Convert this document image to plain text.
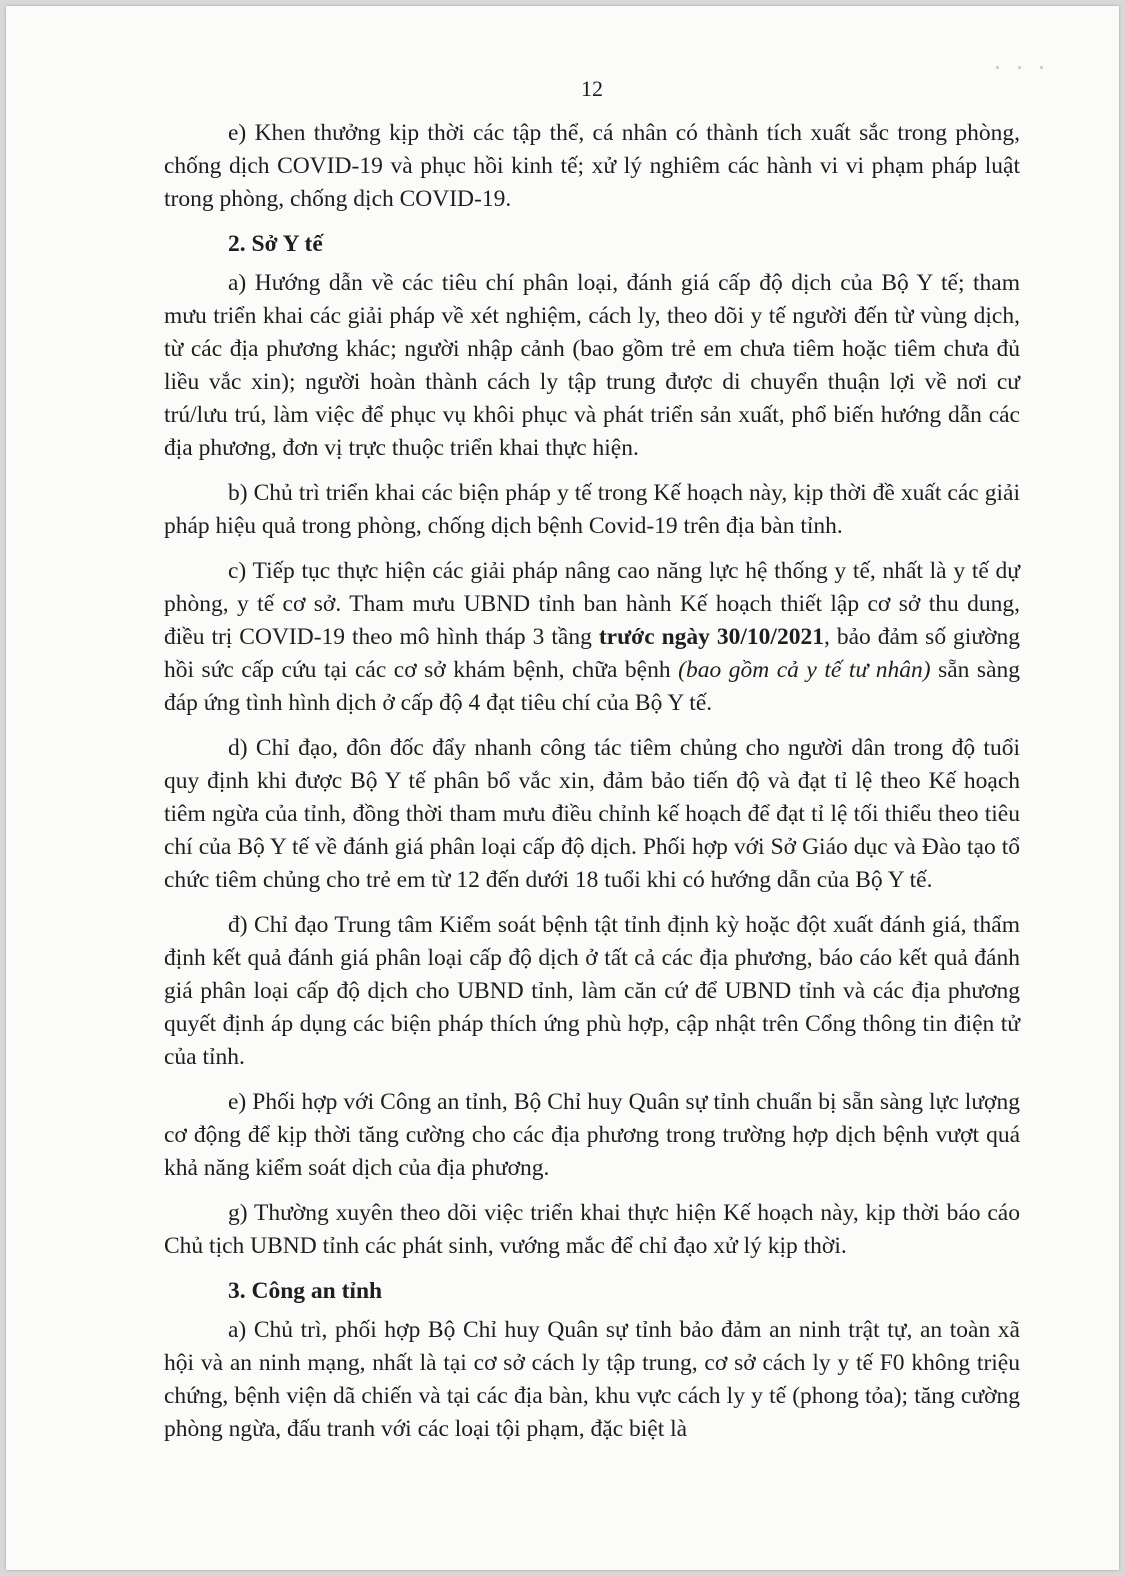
12

e) Khen thưởng kịp thời các tập thể, cá nhân có thành tích xuất sắc trong phòng, chống dịch COVID-19 và phục hồi kinh tế; xử lý nghiêm các hành vi vi phạm pháp luật trong phòng, chống dịch COVID-19.

2. Sở Y tế

a) Hướng dẫn về các tiêu chí phân loại, đánh giá cấp độ dịch của Bộ Y tế; tham mưu triển khai các giải pháp về xét nghiệm, cách ly, theo dõi y tế người đến từ vùng dịch, từ các địa phương khác; người nhập cảnh (bao gồm trẻ em chưa tiêm hoặc tiêm chưa đủ liều vắc xin); người hoàn thành cách ly tập trung được di chuyển thuận lợi về nơi cư trú/lưu trú, làm việc để phục vụ khôi phục và phát triển sản xuất, phổ biến hướng dẫn các địa phương, đơn vị trực thuộc triển khai thực hiện.

b) Chủ trì triển khai các biện pháp y tế trong Kế hoạch này, kịp thời đề xuất các giải pháp hiệu quả trong phòng, chống dịch bệnh Covid-19 trên địa bàn tỉnh.

c) Tiếp tục thực hiện các giải pháp nâng cao năng lực hệ thống y tế, nhất là y tế dự phòng, y tế cơ sở. Tham mưu UBND tỉnh ban hành Kế hoạch thiết lập cơ sở thu dung, điều trị COVID-19 theo mô hình tháp 3 tầng trước ngày 30/10/2021, bảo đảm số giường hồi sức cấp cứu tại các cơ sở khám bệnh, chữa bệnh (bao gồm cả y tế tư nhân) sẵn sàng đáp ứng tình hình dịch ở cấp độ 4 đạt tiêu chí của Bộ Y tế.

d) Chỉ đạo, đôn đốc đẩy nhanh công tác tiêm chủng cho người dân trong độ tuổi quy định khi được Bộ Y tế phân bổ vắc xin, đảm bảo tiến độ và đạt tỉ lệ theo Kế hoạch tiêm ngừa của tỉnh, đồng thời tham mưu điều chỉnh kế hoạch để đạt tỉ lệ tối thiểu theo tiêu chí của Bộ Y tế về đánh giá phân loại cấp độ dịch. Phối hợp với Sở Giáo dục và Đào tạo tổ chức tiêm chủng cho trẻ em từ 12 đến dưới 18 tuổi khi có hướng dẫn của Bộ Y tế.

đ) Chỉ đạo Trung tâm Kiểm soát bệnh tật tỉnh định kỳ hoặc đột xuất đánh giá, thẩm định kết quả đánh giá phân loại cấp độ dịch ở tất cả các địa phương, báo cáo kết quả đánh giá phân loại cấp độ dịch cho UBND tỉnh, làm căn cứ để UBND tỉnh và các địa phương quyết định áp dụng các biện pháp thích ứng phù hợp, cập nhật trên Cổng thông tin điện tử của tỉnh.

e) Phối hợp với Công an tỉnh, Bộ Chỉ huy Quân sự tỉnh chuẩn bị sẵn sàng lực lượng cơ động để kịp thời tăng cường cho các địa phương trong trường hợp dịch bệnh vượt quá khả năng kiểm soát dịch của địa phương.

g) Thường xuyên theo dõi việc triển khai thực hiện Kế hoạch này, kịp thời báo cáo Chủ tịch UBND tỉnh các phát sinh, vướng mắc để chỉ đạo xử lý kịp thời.

3. Công an tỉnh

a) Chủ trì, phối hợp Bộ Chỉ huy Quân sự tỉnh bảo đảm an ninh trật tự, an toàn xã hội và an ninh mạng, nhất là tại cơ sở cách ly tập trung, cơ sở cách ly y tế F0 không triệu chứng, bệnh viện dã chiến và tại các địa bàn, khu vực cách ly y tế (phong tỏa); tăng cường phòng ngừa, đấu tranh với các loại tội phạm, đặc biệt là
